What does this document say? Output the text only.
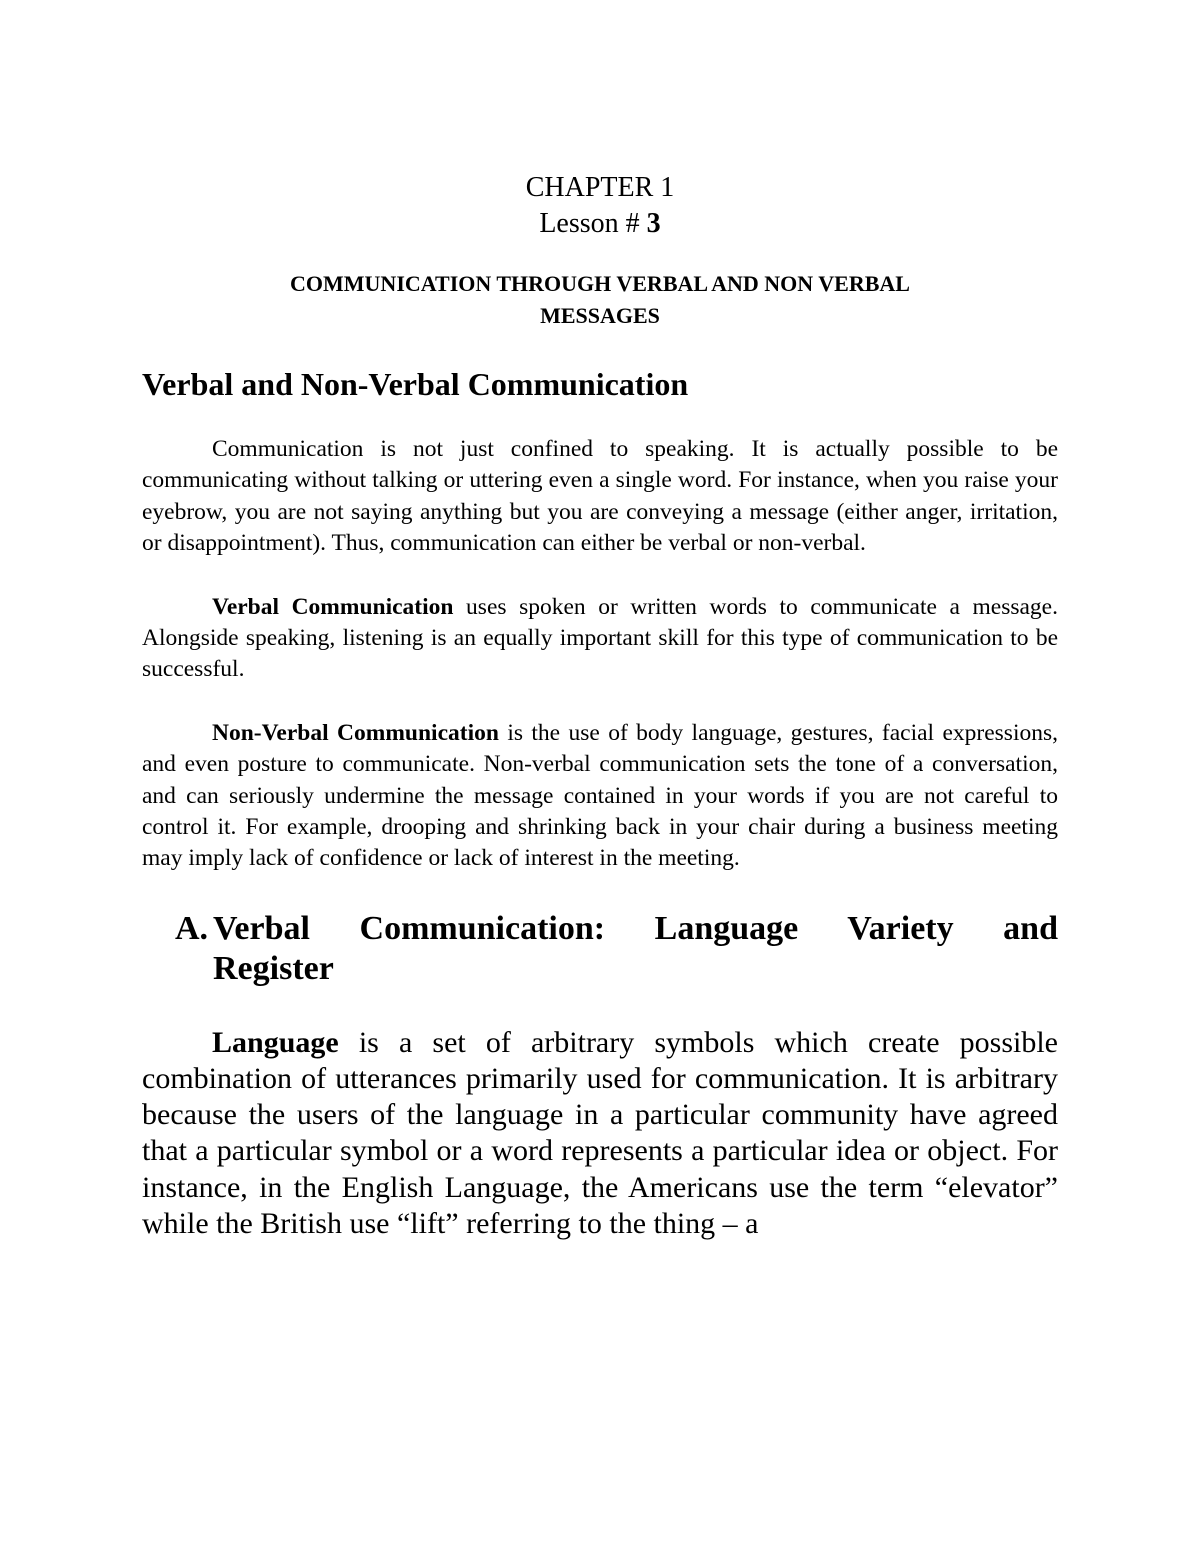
CHAPTER 1

Lesson # 3

COMMUNICATION THROUGH VERBAL AND NON VERBAL
MESSAGES
Verbal and Non-Verbal Communication

Communication is not just confined to speaking. It is actually possible to be communicating without talking or uttering even a single word. For instance, when you raise your eyebrow, you are not saying anything but you are conveying a message (either anger, irritation, or disappointment). Thus, communication can either be verbal or non-verbal.

Verbal Communication uses spoken or written words to communicate a message. Alongside speaking, listening is an equally important skill for this type of communication to be successful.

Non-Verbal Communication is the use of body language, gestures, facial expressions, and even posture to communicate. Non-verbal communication sets the tone of a conversation, and can seriously undermine the message contained in your words if you are not careful to control it. For example, drooping and shrinking back in your chair during a business meeting may imply lack of confidence or lack of interest in the meeting.

A. Verbal Communication: Language Variety and
Register

Language is a set of arbitrary symbols which create possible combination of utterances primarily used for communication. It is arbitrary because the users of the language in a particular community have agreed that a particular symbol or a word represents a particular idea or object. For instance, in the English Language, the Americans use the term “elevator” while the British use “lift” referring to the thing – a
